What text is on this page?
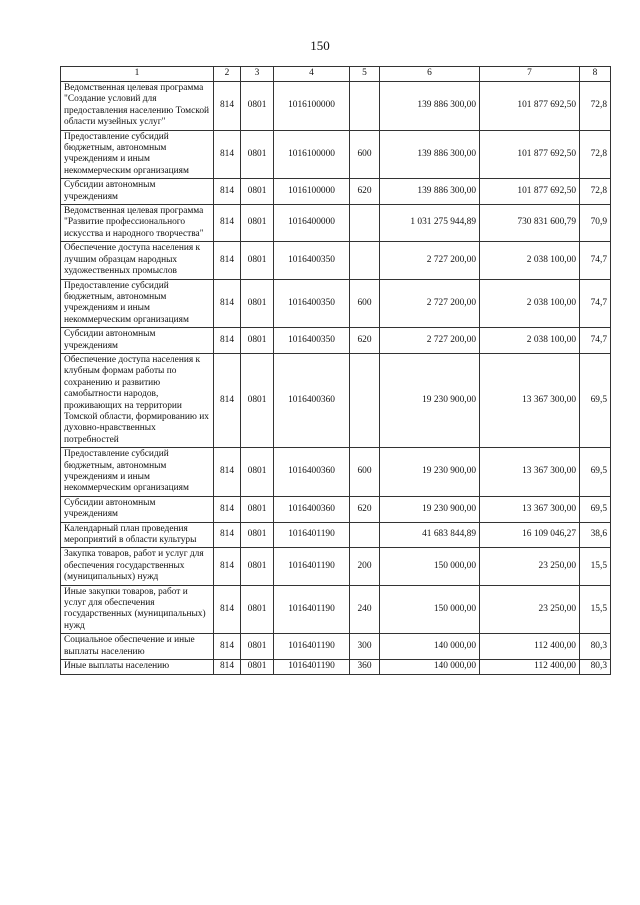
150
1	2	3	4	5	6	7	8
Ведомственная целевая программа "Создание условий для предоставления населению Томской области музейных услуг"	814	0801	1016100000		139 886 300,00	101 877 692,50	72,8
Предоставление субсидий бюджетным, автономным учреждениям и иным некоммерческим организациям	814	0801	1016100000	600	139 886 300,00	101 877 692,50	72,8
Субсидии автономным учреждениям	814	0801	1016100000	620	139 886 300,00	101 877 692,50	72,8
Ведомственная целевая программа "Развитие профессионального искусства и народного творчества"	814	0801	1016400000		1 031 275 944,89	730 831 600,79	70,9
Обеспечение доступа населения к лучшим образцам народных художественных промыслов	814	0801	1016400350		2 727 200,00	2 038 100,00	74,7
Предоставление субсидий бюджетным, автономным учреждениям и иным некоммерческим организациям	814	0801	1016400350	600	2 727 200,00	2 038 100,00	74,7
Субсидии автономным учреждениям	814	0801	1016400350	620	2 727 200,00	2 038 100,00	74,7
Обеспечение доступа населения к клубным формам работы по сохранению и развитию самобытности народов, проживающих на территории Томской области, формированию их духовно-нравственных потребностей	814	0801	1016400360		19 230 900,00	13 367 300,00	69,5
Предоставление субсидий бюджетным, автономным учреждениям и иным некоммерческим организациям	814	0801	1016400360	600	19 230 900,00	13 367 300,00	69,5
Субсидии автономным учреждениям	814	0801	1016400360	620	19 230 900,00	13 367 300,00	69,5
Календарный план проведения мероприятий в области культуры	814	0801	1016401190		41 683 844,89	16 109 046,27	38,6
Закупка товаров, работ и услуг для обеспечения государственных (муниципальных) нужд	814	0801	1016401190	200	150 000,00	23 250,00	15,5
Иные закупки товаров, работ и услуг для обеспечения государственных (муниципальных) нужд	814	0801	1016401190	240	150 000,00	23 250,00	15,5
Социальное обеспечение и иные выплаты населению	814	0801	1016401190	300	140 000,00	112 400,00	80,3
Иные выплаты населению	814	0801	1016401190	360	140 000,00	112 400,00	80,3
